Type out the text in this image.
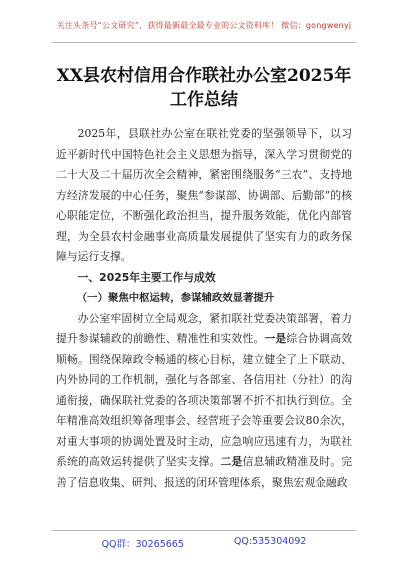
关注头条号“公文研究”，获得最新最全最专业的公文资料库！ 微信：gongwenyj
XX县农村信用合作联社办公室2025年工作总结

2025年，县联社办公室在联社党委的坚强领导下，以习近平新时代中国特色社会主义思想为指导，深入学习贯彻党的二十大及二十届历次全会精神，紧密围绕服务“三农”、支持地方经济发展的中心任务，聚焦“参谋部、协调部、后勤部”的核心职能定位，不断强化政治担当，提升服务效能，优化内部管理，为全县农村金融事业高质量发展提供了坚实有力的政务保障与运行支撑。

一、2025年主要工作与成效

（一）聚焦中枢运转，参谋辅政效显著提升

办公室牢固树立全局观念，紧扣联社党委决策部署，着力提升参谋辅政的前瞻性、精准性和实效性。一是综合协调高效顺畅。围绕保障政令畅通的核心目标，建立健全了上下联动、内外协同的工作机制，强化与各部室、各信用社（分社）的沟通衔接，确保联社党委的各项决策部署不折不扣执行到位。全年精准高效组织筹备理事会、经营班子会等重要会议80余次，对重大事项的协调处置及时主动，应急响应迅速有力，为联社系统的高效运转提供了坚实支撑。二是信息辅政精准及时。完善了信息收集、研判、报送的闭环管理体系，聚焦宏观金融政

QQ群：30265665	QQ:535304092
